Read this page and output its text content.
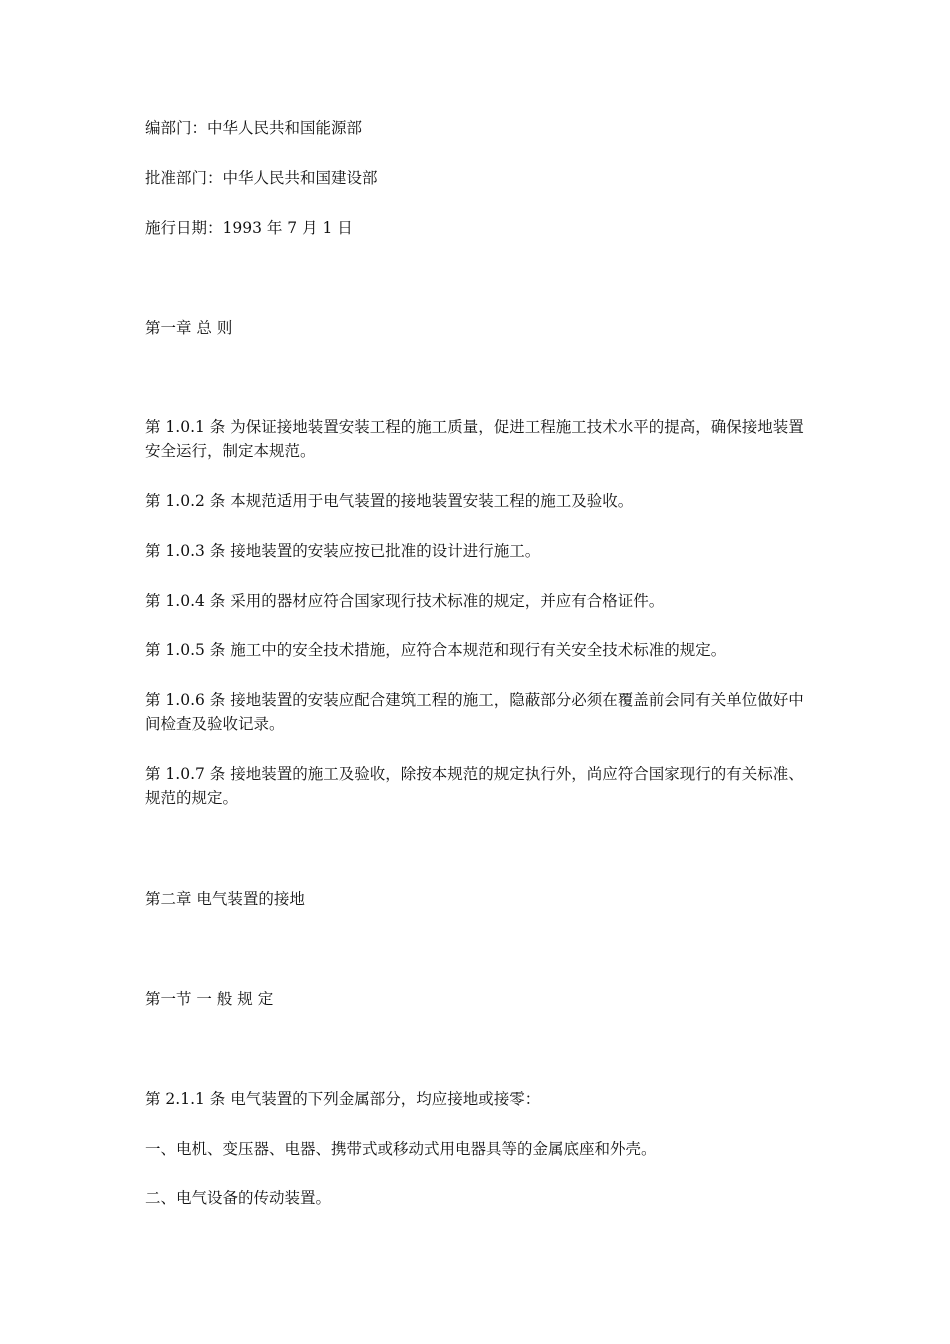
编部门：中华人民共和国能源部

批准部门：中华人民共和国建设部

施行日期：1993 年 7 月 1 日

第一章 总 则

第 1.0.1 条 为保证接地装置安装工程的施工质量，促进工程施工技术水平的提高，确保接地装置安全运行，制定本规范。

第 1.0.2 条 本规范适用于电气装置的接地装置安装工程的施工及验收。

第 1.0.3 条 接地装置的安装应按已批准的设计进行施工。

第 1.0.4 条 采用的器材应符合国家现行技术标准的规定，并应有合格证件。

第 1.0.5 条 施工中的安全技术措施，应符合本规范和现行有关安全技术标准的规定。

第 1.0.6 条 接地装置的安装应配合建筑工程的施工，隐蔽部分必须在覆盖前会同有关单位做好中间检查及验收记录。

第 1.0.7 条 接地装置的施工及验收，除按本规范的规定执行外，尚应符合国家现行的有关标准、规范的规定。

第二章 电气装置的接地

第一节 一 般 规 定

第 2.1.1 条 电气装置的下列金属部分，均应接地或接零：

一、电机、变压器、电器、携带式或移动式用电器具等的金属底座和外壳。

二、电气设备的传动装置。
